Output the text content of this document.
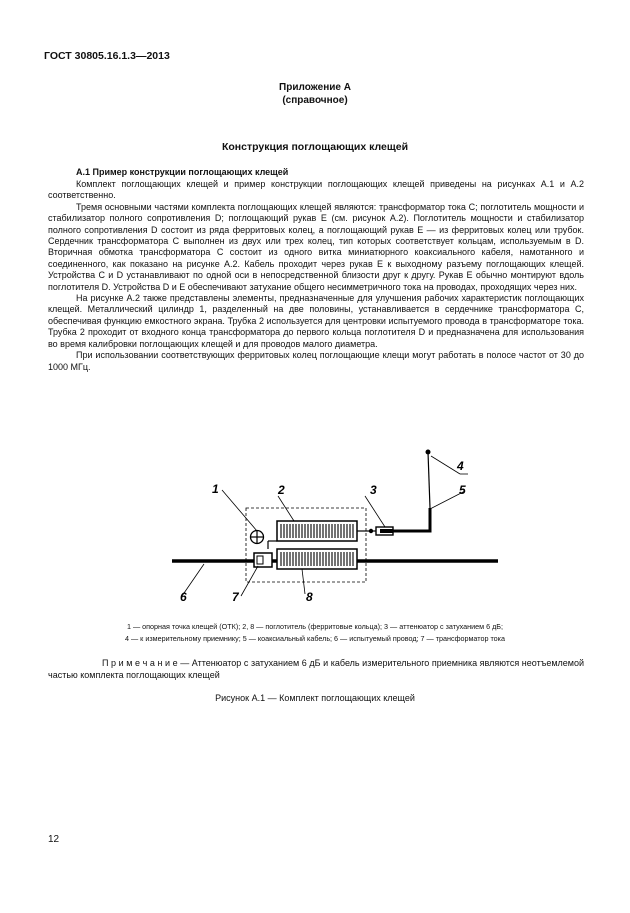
ГОСТ 30805.16.1.3—2013
Приложение А
(справочное)
Конструкция поглощающих клещей
А.1 Пример конструкции поглощающих клещей

Комплект поглощающих клещей и пример конструкции поглощающих клещей приведены на рисунках А.1 и А.2 соответственно.

Тремя основными частями комплекта поглощающих клещей являются: трансформатор тока C; поглотитель мощности и стабилизатор полного сопротивления D; поглощающий рукав E (см. рисунок А.2). Поглотитель мощности и стабилизатор полного сопротивления D состоит из ряда ферритовых колец, а поглощающий рукав E — из ферритовых колец или трубок. Сердечник трансформатора C выполнен из двух или трех колец, тип которых соответствует кольцам, используемым в D. Вторичная обмотка трансформатора C состоит из одного витка миниатюрного коаксиального кабеля, намотанного и соединенного, как показано на рисунке А.2. Кабель проходит через рукав E к выходному разъему поглощающих клещей. Устройства C и D устанавливают по одной оси в непосредственной близости друг к другу. Рукав E обычно монтируют вдоль поглотителя D. Устройства D и E обеспечивают затухание общего несимметричного тока на проводах, проходящих через них.

На рисунке А.2 также представлены элементы, предназначенные для улучшения рабочих характеристик поглощающих клещей. Металлический цилиндр 1, разделенный на две половины, устанавливается в сердечнике трансформатора C, обеспечивая функцию емкостного экрана. Трубка 2 используется для центровки испытуемого провода в трансформаторе тока. Трубка 2 проходит от входного конца трансформатора до первого кольца поглотителя D и предназначена для использования во время калибровки поглощающих клещей и для проводов малого диаметра.

При использовании соответствующих ферритовых колец поглощающие клещи могут работать в полосе частот от 30 до 1000 МГц.

1	2	3
4
5
6	7	8
1 — опорная точка клещей (ОТК); 2, 8 — поглотитель (ферритовые кольца); 3 — аттенюатор с затуханием 6 дБ;
4 — к измерительному приемнику; 5 — коаксиальный кабель; 6 — испытуемый провод; 7 — трансформатор тока
П р и м е ч а н и е — Аттенюатор с затуханием 6 дБ и кабель измерительного приемника являются неотъемлемой частью комплекта поглощающих клещей
Рисунок А.1 — Комплект поглощающих клещей
12
